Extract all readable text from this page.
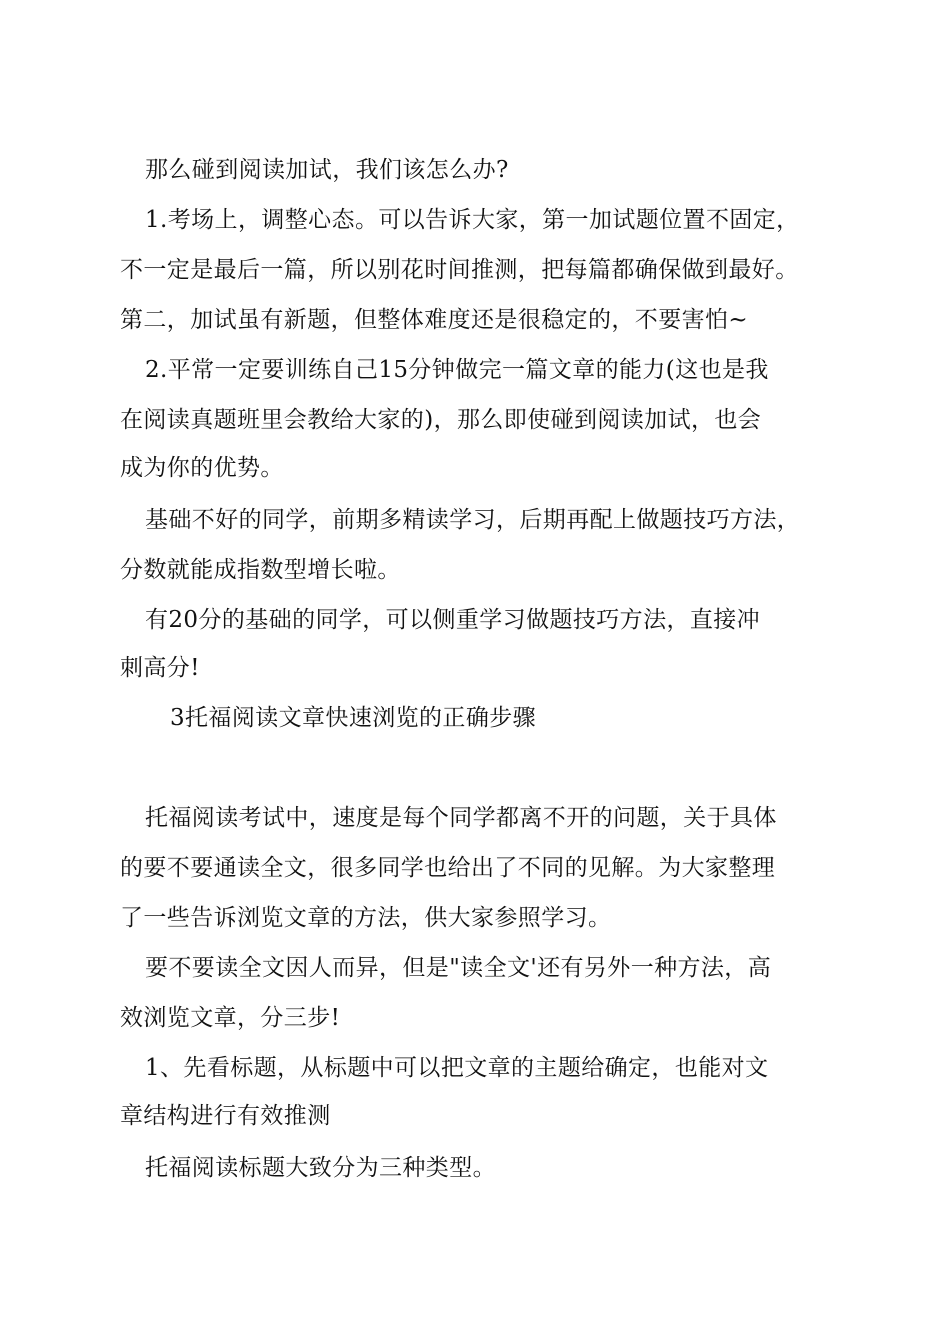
那么碰到阅读加试，我们该怎么办?
1.考场上，调整心态。可以告诉大家，第一加试题位置不固定，
不一定是最后一篇，所以别花时间推测，把每篇都确保做到最好。
第二，加试虽有新题，但整体难度还是很稳定的，不要害怕~
2.平常一定要训练自己15分钟做完一篇文章的能力(这也是我
在阅读真题班里会教给大家的)，那么即使碰到阅读加试，也会
成为你的优势。
基础不好的同学，前期多精读学习，后期再配上做题技巧方法，
分数就能成指数型增长啦。
有20分的基础的同学，可以侧重学习做题技巧方法，直接冲
刺高分!
3托福阅读文章快速浏览的正确步骤
托福阅读考试中，速度是每个同学都离不开的问题，关于具体
的要不要通读全文，很多同学也给出了不同的见解。为大家整理
了一些告诉浏览文章的方法，供大家参照学习。
要不要读全文因人而异，但是"读全文'还有另外一种方法，高
效浏览文章，分三步!
1、先看标题，从标题中可以把文章的主题给确定，也能对文
章结构进行有效推测
托福阅读标题大致分为三种类型。
